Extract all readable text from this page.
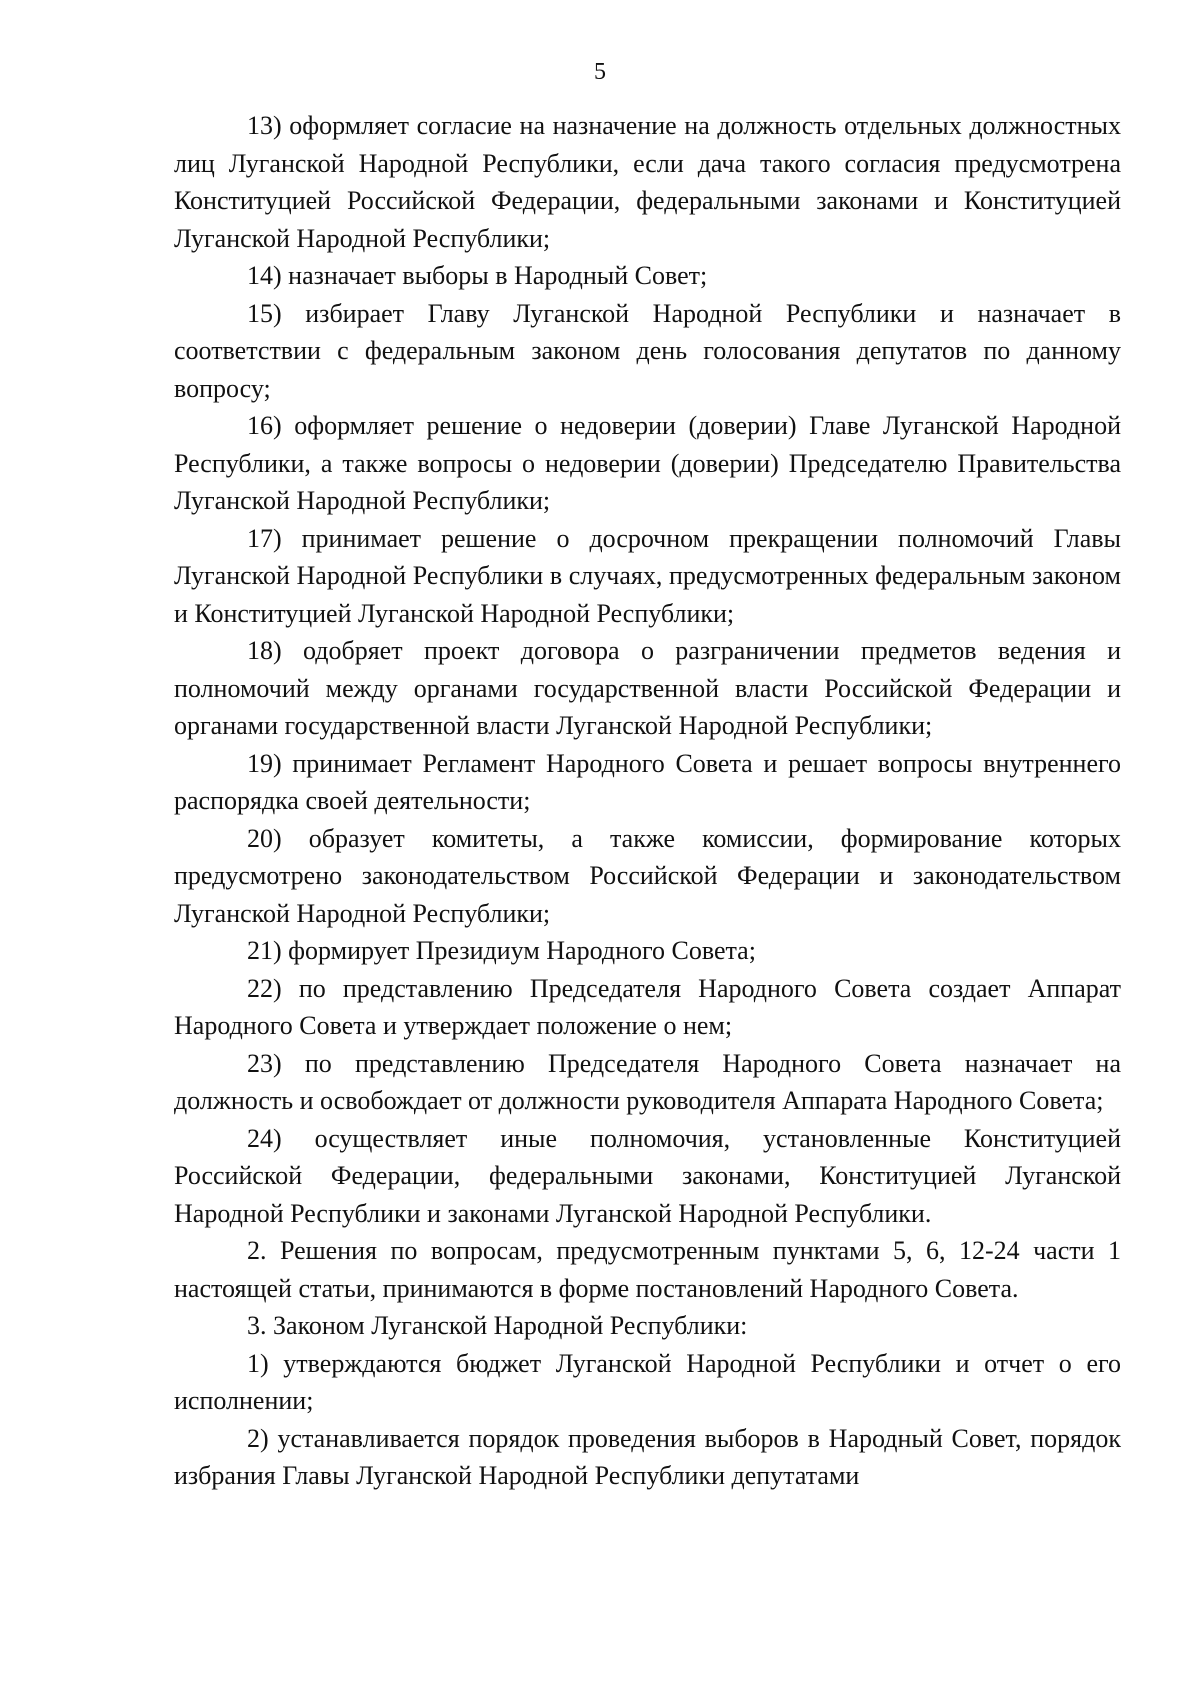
5

13) оформляет согласие на назначение на должность отдельных должностных лиц Луганской Народной Республики, если дача такого согласия предусмотрена Конституцией Российской Федерации, федеральными законами и Конституцией Луганской Народной Республики;

14) назначает выборы в Народный Совет;

15) избирает Главу Луганской Народной Республики и назначает в соответствии с федеральным законом день голосования депутатов по данному вопросу;

16) оформляет решение о недоверии (доверии) Главе Луганской Народной Республики, а также вопросы о недоверии (доверии) Председателю Правительства Луганской Народной Республики;

17) принимает решение о досрочном прекращении полномочий Главы Луганской Народной Республики в случаях, предусмотренных федеральным законом и Конституцией Луганской Народной Республики;

18) одобряет проект договора о разграничении предметов ведения и полномочий между органами государственной власти Российской Федерации и органами государственной власти Луганской Народной Республики;

19) принимает Регламент Народного Совета и решает вопросы внутреннего распорядка своей деятельности;

20) образует комитеты, а также комиссии, формирование которых предусмотрено законодательством Российской Федерации и законодательством Луганской Народной Республики;

21) формирует Президиум Народного Совета;

22) по представлению Председателя Народного Совета создает Аппарат Народного Совета и утверждает положение о нем;

23) по представлению Председателя Народного Совета назначает на должность и освобождает от должности руководителя Аппарата Народного Совета;

24) осуществляет иные полномочия, установленные Конституцией Российской Федерации, федеральными законами, Конституцией Луганской Народной Республики и законами Луганской Народной Республики.

2. Решения по вопросам, предусмотренным пунктами 5, 6, 12-24 части 1 настоящей статьи, принимаются в форме постановлений Народного Совета.

3. Законом Луганской Народной Республики:

1) утверждаются бюджет Луганской Народной Республики и отчет о его исполнении;

2) устанавливается порядок проведения выборов в Народный Совет, порядок избрания Главы Луганской Народной Республики депутатами
